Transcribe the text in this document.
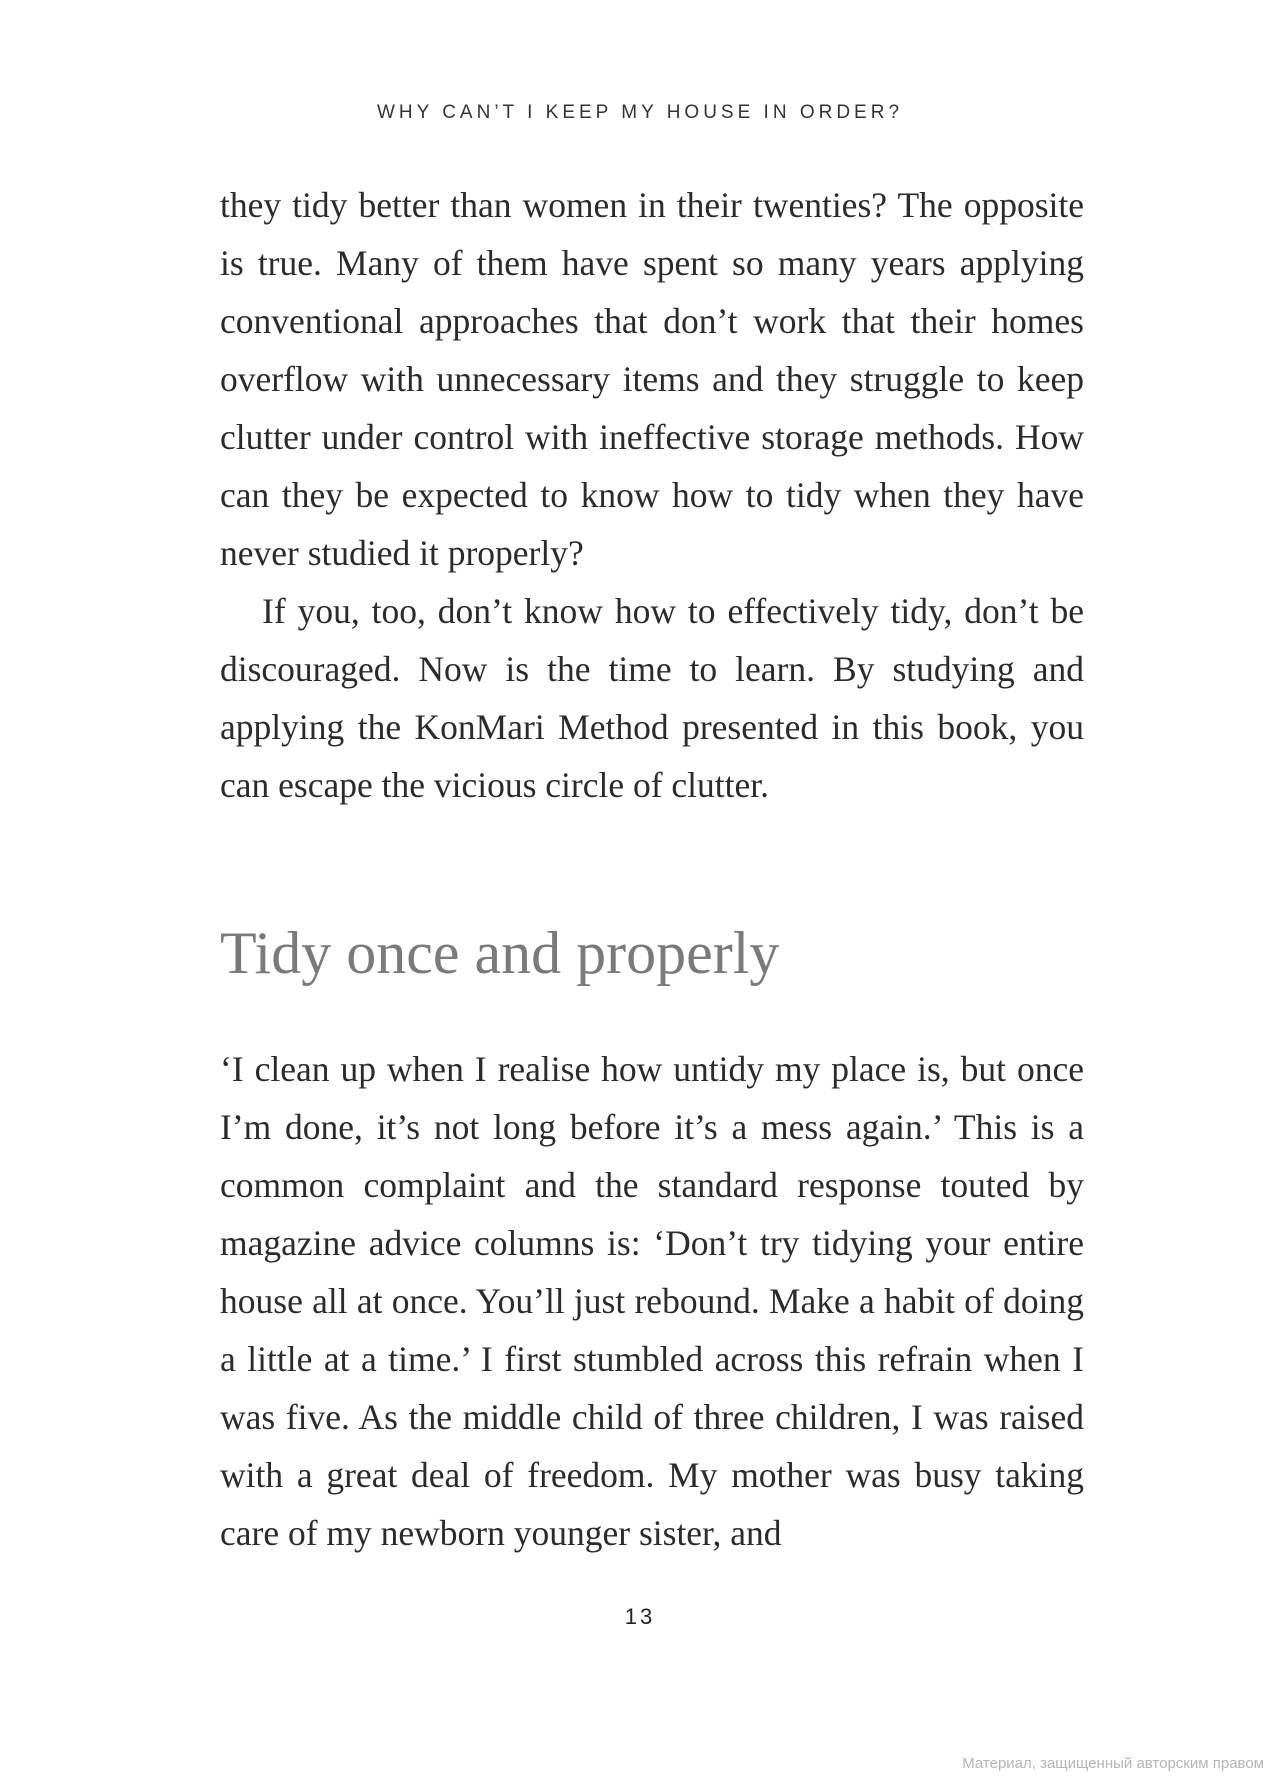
WHY CAN’T I KEEP MY HOUSE IN ORDER?

they tidy better than women in their twenties? The opposite is true. Many of them have spent so many years applying conventional approaches that don’t work that their homes overflow with unnecessary items and they struggle to keep clutter under control with ineffective storage methods. How can they be expected to know how to tidy when they have never studied it properly?

If you, too, don’t know how to effectively tidy, don’t be discouraged. Now is the time to learn. By studying and applying the KonMari Method presented in this book, you can escape the vicious circle of clutter.

Tidy once and properly

‘I clean up when I realise how untidy my place is, but once I’m done, it’s not long before it’s a mess again.’ This is a common complaint and the standard response touted by magazine advice columns is: ‘Don’t try tidying your entire house all at once. You’ll just rebound. Make a habit of doing a little at a time.’ I first stumbled across this refrain when I was five. As the middle child of three children, I was raised with a great deal of freedom. My mother was busy taking care of my newborn younger sister, and

13
Материал, защищенный авторским правом
